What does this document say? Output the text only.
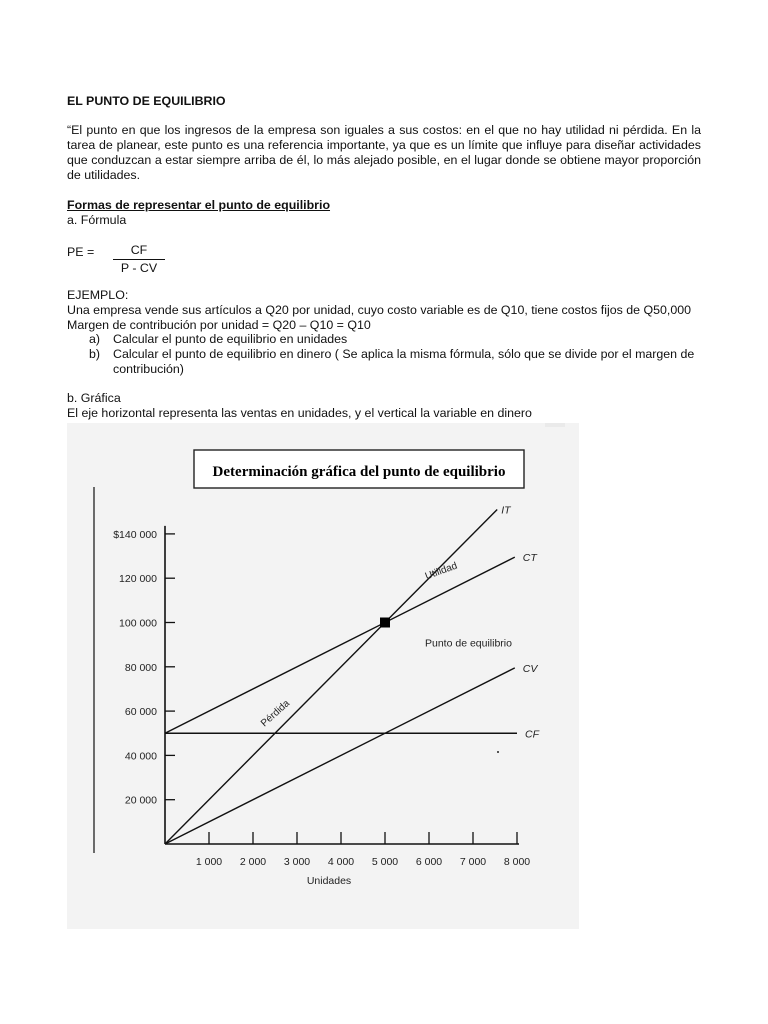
EL PUNTO DE EQUILIBRIO
“El punto en que los ingresos de la empresa son iguales a sus costos: en el que no hay utilidad ni pérdida. En la tarea de planear, este punto es una referencia importante, ya que es un límite que influye para diseñar actividades que conduzcan a estar siempre arriba de él, lo más alejado posible, en el lugar donde se obtiene mayor proporción de utilidades.
Formas de representar el punto de equilibrio
a. Fórmula
PE = $\frac{CF}{P - CV}$
EJEMPLO:
Una empresa vende sus artículos a Q20 por unidad, cuyo costo variable es de Q10, tiene costos fijos de Q50,000
Margen de contribución por unidad = Q20 – Q10 = Q10
a) Calcular el punto de equilibrio en unidades
b) Calcular el punto de equilibrio en dinero ( Se aplica la misma fórmula, sólo que se divide por el margen de contribución)
b. Gráfica
El eje horizontal representa las ventas en unidades, y el vertical la variable en dinero
Determinación gráfica del punto de equilibrio
20 000
40 000
60 000
80 000
100 000
120 000
$140 000
1 000 2 000 3 000 4 000 5 000 6 000 7 000 8 000
Unidades
IT
CT
CV
CF
Punto de equilibrio
Utilidad
Pérdida
